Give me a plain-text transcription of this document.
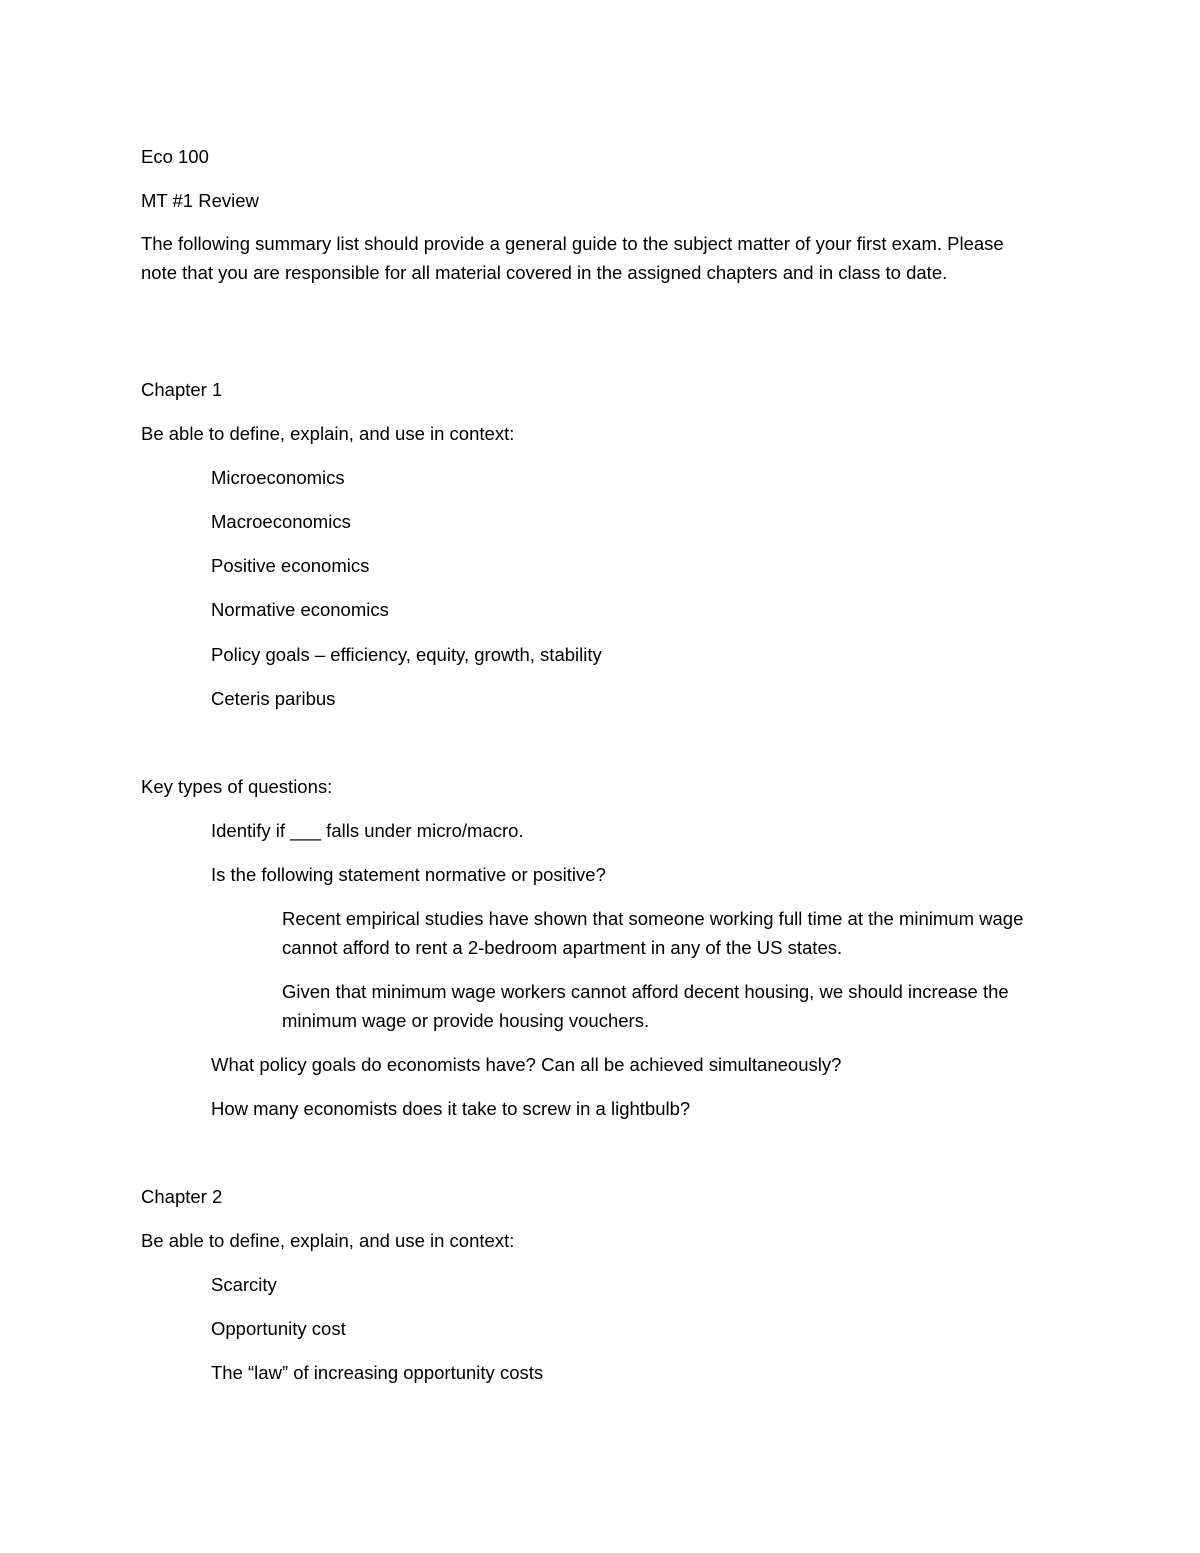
Eco 100
MT #1 Review
The following summary list should provide a general guide to the subject matter of your first exam. Please note that you are responsible for all material covered in the assigned chapters and in class to date.
Chapter 1
Be able to define, explain, and use in context:
Microeconomics
Macroeconomics
Positive economics
Normative economics
Policy goals – efficiency, equity, growth, stability
Ceteris paribus
Key types of questions:
Identify if ___ falls under micro/macro.
Is the following statement normative or positive?
Recent empirical studies have shown that someone working full time at the minimum wage cannot afford to rent a 2-bedroom apartment in any of the US states.
Given that minimum wage workers cannot afford decent housing, we should increase the minimum wage or provide housing vouchers.
What policy goals do economists have? Can all be achieved simultaneously?
How many economists does it take to screw in a lightbulb?
Chapter 2
Be able to define, explain, and use in context:
Scarcity
Opportunity cost
The “law” of increasing opportunity costs
